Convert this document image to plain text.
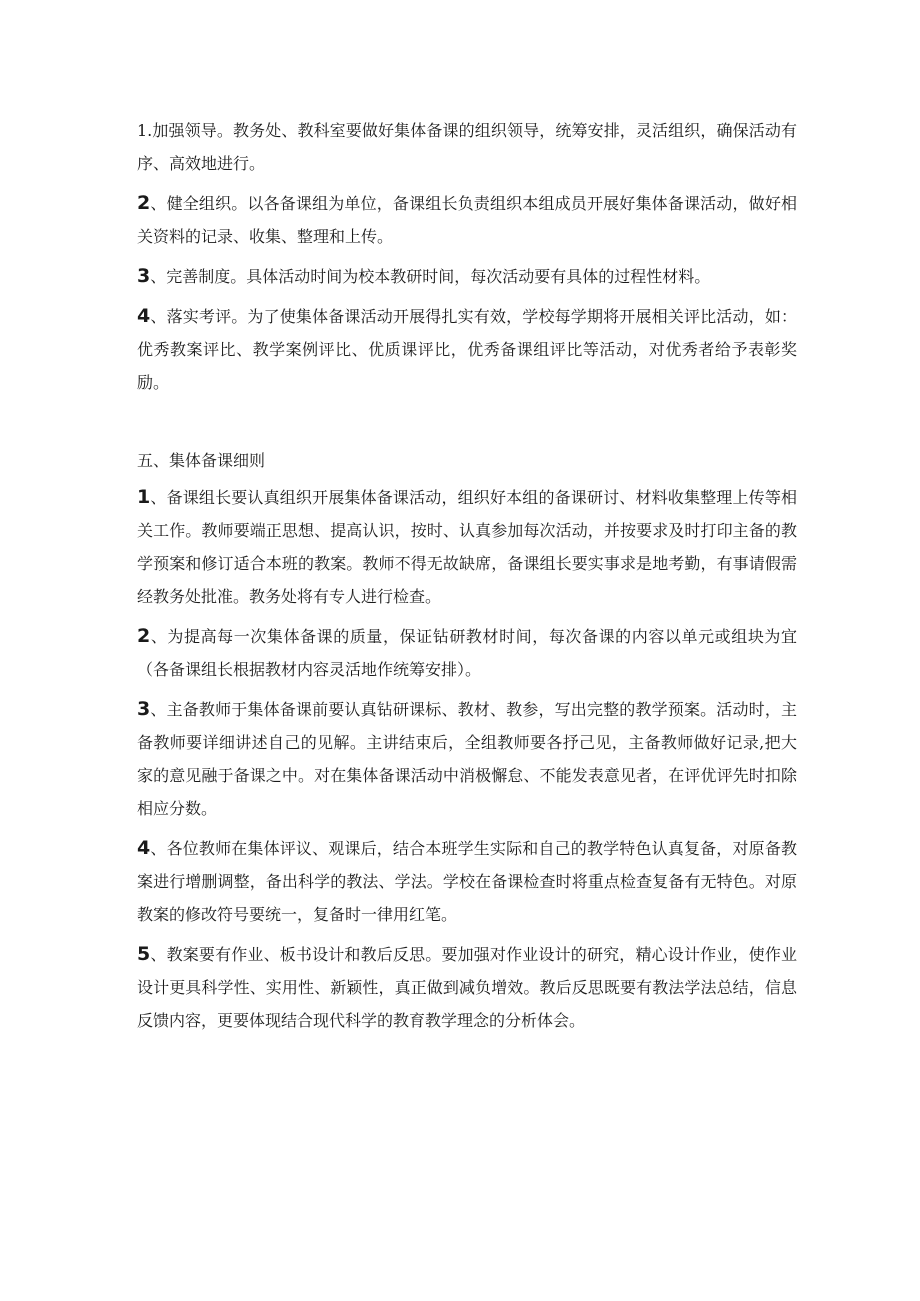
1.加强领导。教务处、教科室要做好集体备课的组织领导，统筹安排，灵活组织，确保活动有序、高效地进行。

2、健全组织。以各备课组为单位，备课组长负责组织本组成员开展好集体备课活动，做好相关资料的记录、收集、整理和上传。

3、完善制度。具体活动时间为校本教研时间，每次活动要有具体的过程性材料。

4、落实考评。为了使集体备课活动开展得扎实有效，学校每学期将开展相关评比活动，如：优秀教案评比、教学案例评比、优质课评比，优秀备课组评比等活动，对优秀者给予表彰奖励。

五、集体备课细则

1、备课组长要认真组织开展集体备课活动，组织好本组的备课研讨、材料收集整理上传等相关工作。教师要端正思想、提高认识，按时、认真参加每次活动，并按要求及时打印主备的教学预案和修订适合本班的教案。教师不得无故缺席，备课组长要实事求是地考勤，有事请假需经教务处批准。教务处将有专人进行检查。

2、为提高每一次集体备课的质量，保证钻研教材时间，每次备课的内容以单元或组块为宜（各备课组长根据教材内容灵活地作统筹安排）。

3、主备教师于集体备课前要认真钻研课标、教材、教参，写出完整的教学预案。活动时，主备教师要详细讲述自己的见解。主讲结束后，全组教师要各抒己见，主备教师做好记录,把大家的意见融于备课之中。对在集体备课活动中消极懈怠、不能发表意见者，在评优评先时扣除相应分数。

4、各位教师在集体评议、观课后，结合本班学生实际和自己的教学特色认真复备，对原备教案进行增删调整，备出科学的教法、学法。学校在备课检查时将重点检查复备有无特色。对原教案的修改符号要统一，复备时一律用红笔。

5、教案要有作业、板书设计和教后反思。要加强对作业设计的研究，精心设计作业，使作业设计更具科学性、实用性、新颖性，真正做到减负增效。教后反思既要有教法学法总结，信息反馈内容，更要体现结合现代科学的教育教学理念的分析体会。
